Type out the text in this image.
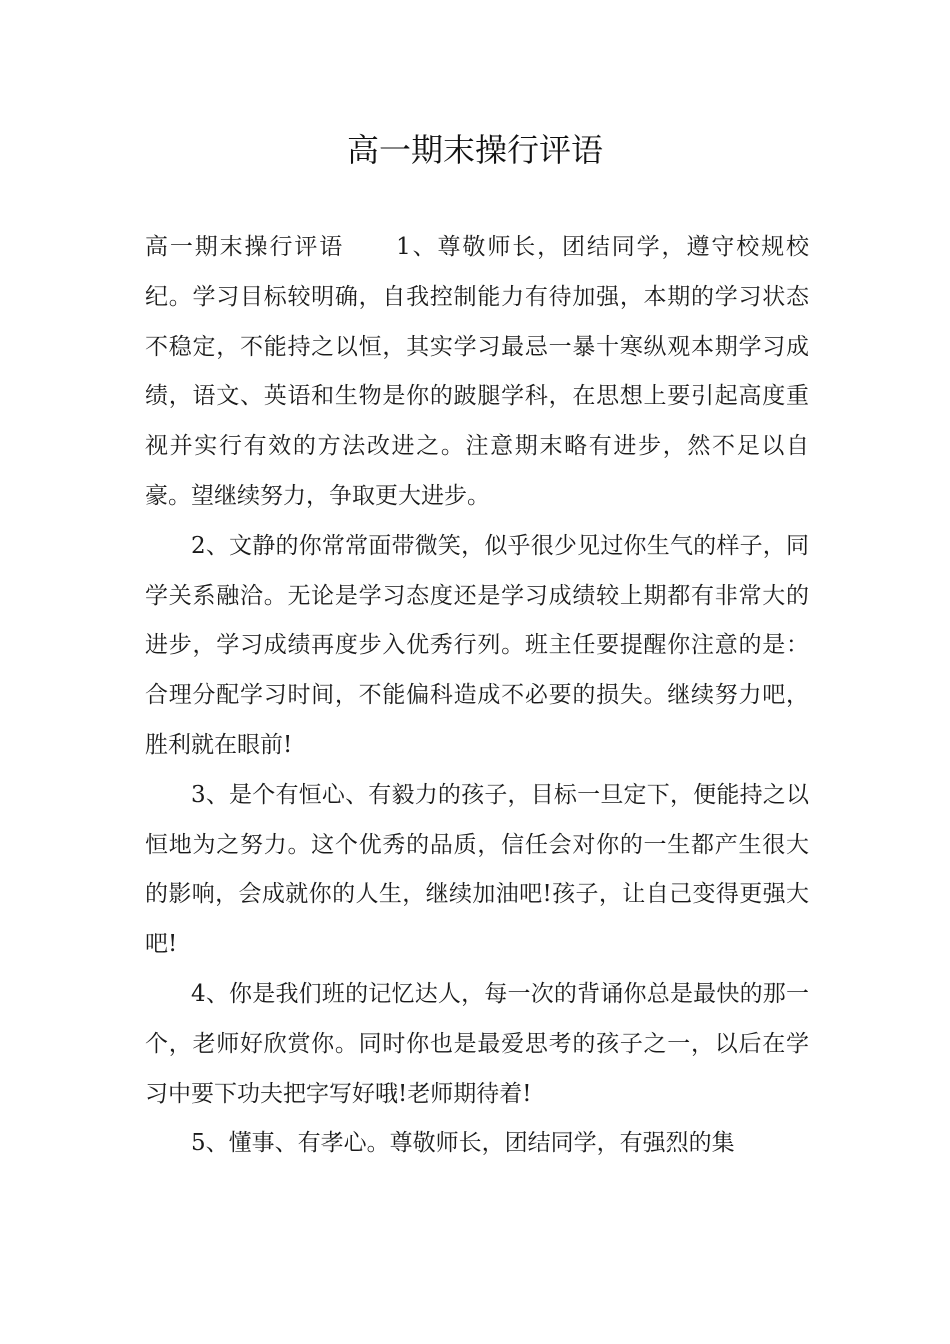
高一期末操行评语

高一期末操行评语 1、尊敬师长，团结同学，遵守校规校纪。学习目标较明确，自我控制能力有待加强，本期的学习状态不稳定，不能持之以恒，其实学习最忌一暴十寒纵观本期学习成绩，语文、英语和生物是你的跛腿学科，在思想上要引起高度重视并实行有效的方法改进之。注意期末略有进步，然不足以自豪。望继续努力，争取更大进步。

2、文静的你常常面带微笑，似乎很少见过你生气的样子，同学关系融洽。无论是学习态度还是学习成绩较上期都有非常大的进步，学习成绩再度步入优秀行列。班主任要提醒你注意的是：合理分配学习时间，不能偏科造成不必要的损失。继续努力吧，胜利就在眼前!

3、是个有恒心、有毅力的孩子，目标一旦定下，便能持之以恒地为之努力。这个优秀的品质，信任会对你的一生都产生很大的影响，会成就你的人生，继续加油吧!孩子，让自己变得更强大吧!

4、你是我们班的记忆达人，每一次的背诵你总是最快的那一个，老师好欣赏你。同时你也是最爱思考的孩子之一，以后在学习中要下功夫把字写好哦!老师期待着!

5、懂事、有孝心。尊敬师长，团结同学，有强烈的集
